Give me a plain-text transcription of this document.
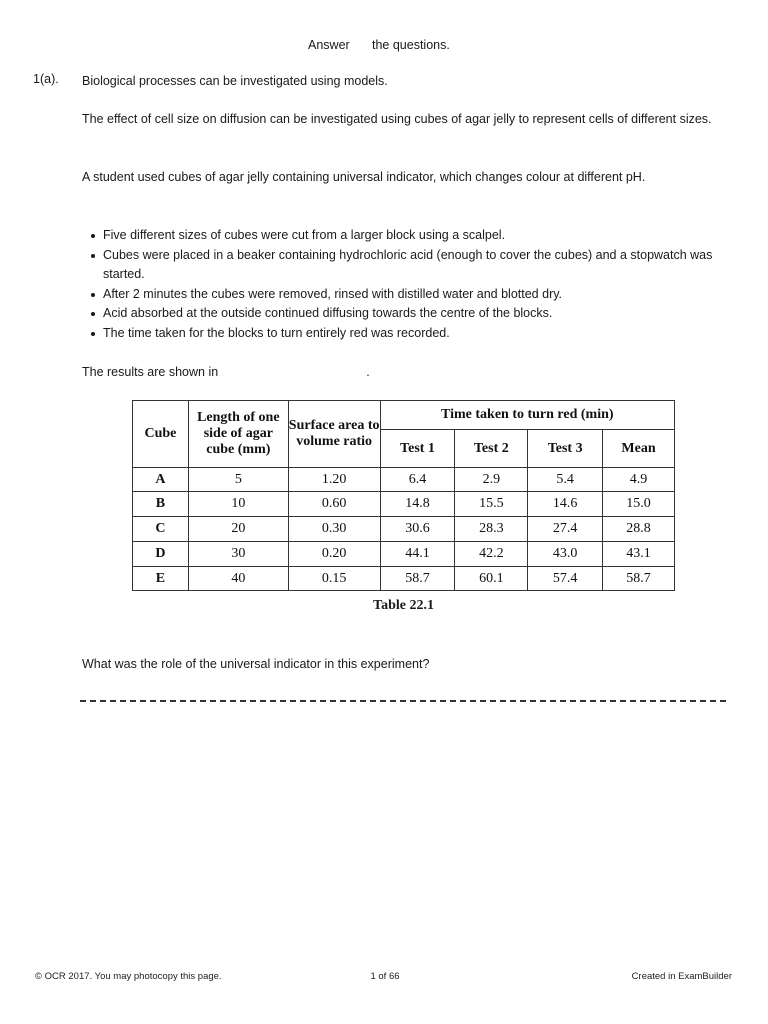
Answer the questions.
1(a). Biological processes can be investigated using models.
The effect of cell size on diffusion can be investigated using cubes of agar jelly to represent cells of different sizes.
A student used cubes of agar jelly containing universal indicator, which changes colour at different pH.
Five different sizes of cubes were cut from a larger block using a scalpel.
Cubes were placed in a beaker containing hydrochloric acid (enough to cover the cubes) and a stopwatch was started.
After 2 minutes the cubes were removed, rinsed with distilled water and blotted dry.
Acid absorbed at the outside continued diffusing towards the centre of the blocks.
The time taken for the blocks to turn entirely red was recorded.
The results are shown in	.
Cube	Length of one side of agar cube (mm)	Surface area to volume ratio	Time taken to turn red (min)			
			Test 1	Test 2	Test 3	Mean
A	5	1.20	6.4	2.9	5.4	4.9
B	10	0.60	14.8	15.5	14.6	15.0
C	20	0.30	30.6	28.3	27.4	28.8
D	30	0.20	44.1	42.2	43.0	43.1
E	40	0.15	58.7	60.1	57.4	58.7
Table 22.1
What was the role of the universal indicator in this experiment?
© OCR 2017. You may photocopy this page.	1 of 66	Created in ExamBuilder
